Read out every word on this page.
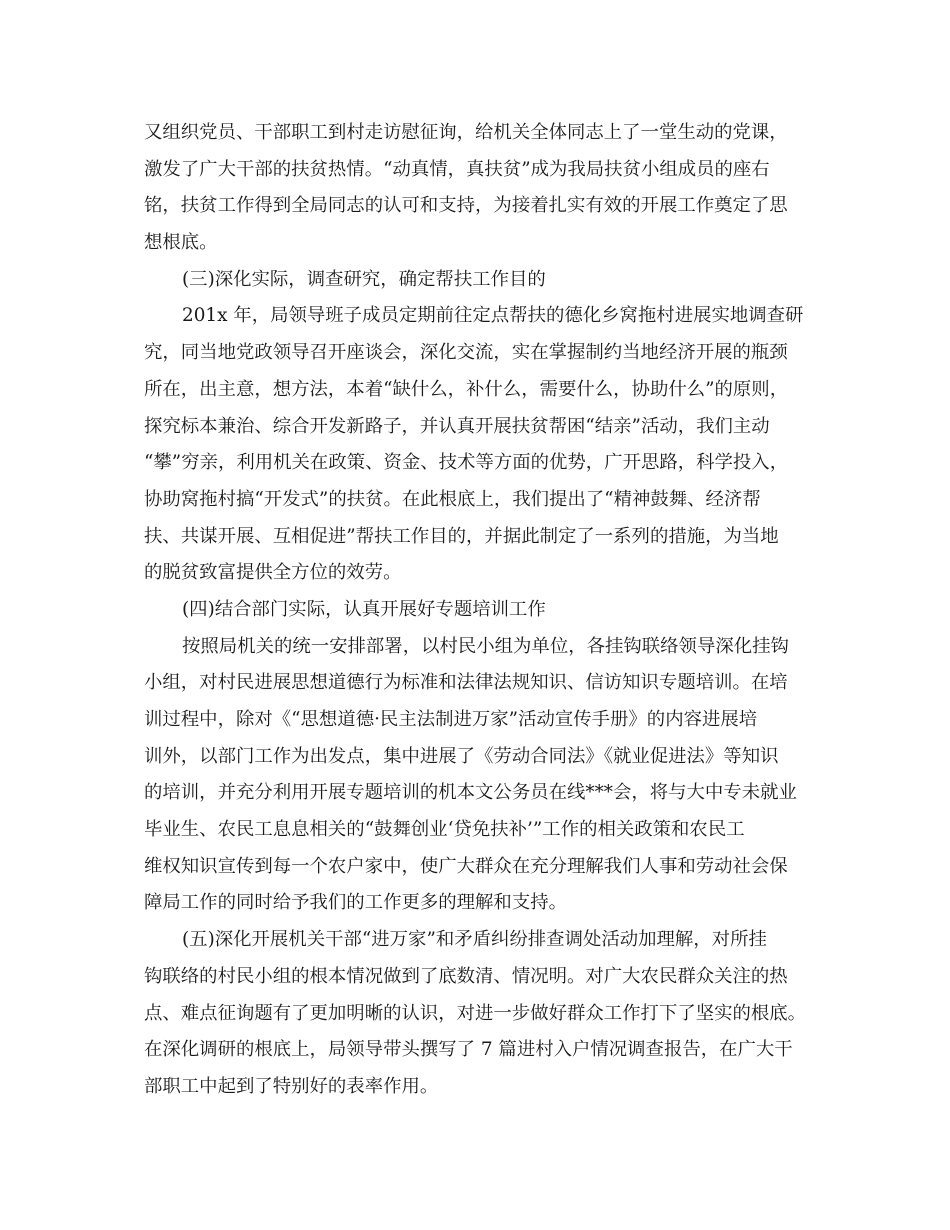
又组织党员、干部职工到村走访慰征询，给机关全体同志上了一堂生动的党课，
激发了广大干部的扶贫热情。“动真情，真扶贫”成为我局扶贫小组成员的座右
铭，扶贫工作得到全局同志的认可和支持，为接着扎实有效的开展工作奠定了思
想根底。
(三)深化实际，调查研究，确定帮扶工作目的
201x 年，局领导班子成员定期前往定点帮扶的德化乡窝拖村进展实地调查研
究，同当地党政领导召开座谈会，深化交流，实在掌握制约当地经济开展的瓶颈
所在，出主意，想方法，本着“缺什么，补什么，需要什么，协助什么”的原则，
探究标本兼治、综合开发新路子，并认真开展扶贫帮困“结亲”活动，我们主动
“攀”穷亲，利用机关在政策、资金、技术等方面的优势，广开思路，科学投入，
协助窝拖村搞“开发式”的扶贫。在此根底上，我们提出了“精神鼓舞、经济帮
扶、共谋开展、互相促进”帮扶工作目的，并据此制定了一系列的措施，为当地
的脱贫致富提供全方位的效劳。
(四)结合部门实际，认真开展好专题培训工作
按照局机关的统一安排部署，以村民小组为单位，各挂钩联络领导深化挂钩
小组，对村民进展思想道德行为标准和法律法规知识、信访知识专题培训。在培
训过程中，除对《“思想道德·民主法制进万家”活动宣传手册》的内容进展培
训外，以部门工作为出发点，集中进展了《劳动合同法》《就业促进法》等知识
的培训，并充分利用开展专题培训的机本文公务员在线***会，将与大中专未就业
毕业生、农民工息息相关的“鼓舞创业‘贷免扶补’”工作的相关政策和农民工
维权知识宣传到每一个农户家中，使广大群众在充分理解我们人事和劳动社会保
障局工作的同时给予我们的工作更多的理解和支持。
(五)深化开展机关干部“进万家”和矛盾纠纷排查调处活动加理解，对所挂
钩联络的村民小组的根本情况做到了底数清、情况明。对广大农民群众关注的热
点、难点征询题有了更加明晰的认识，对进一步做好群众工作打下了坚实的根底。
在深化调研的根底上，局领导带头撰写了 7 篇进村入户情况调查报告，在广大干
部职工中起到了特别好的表率作用。
